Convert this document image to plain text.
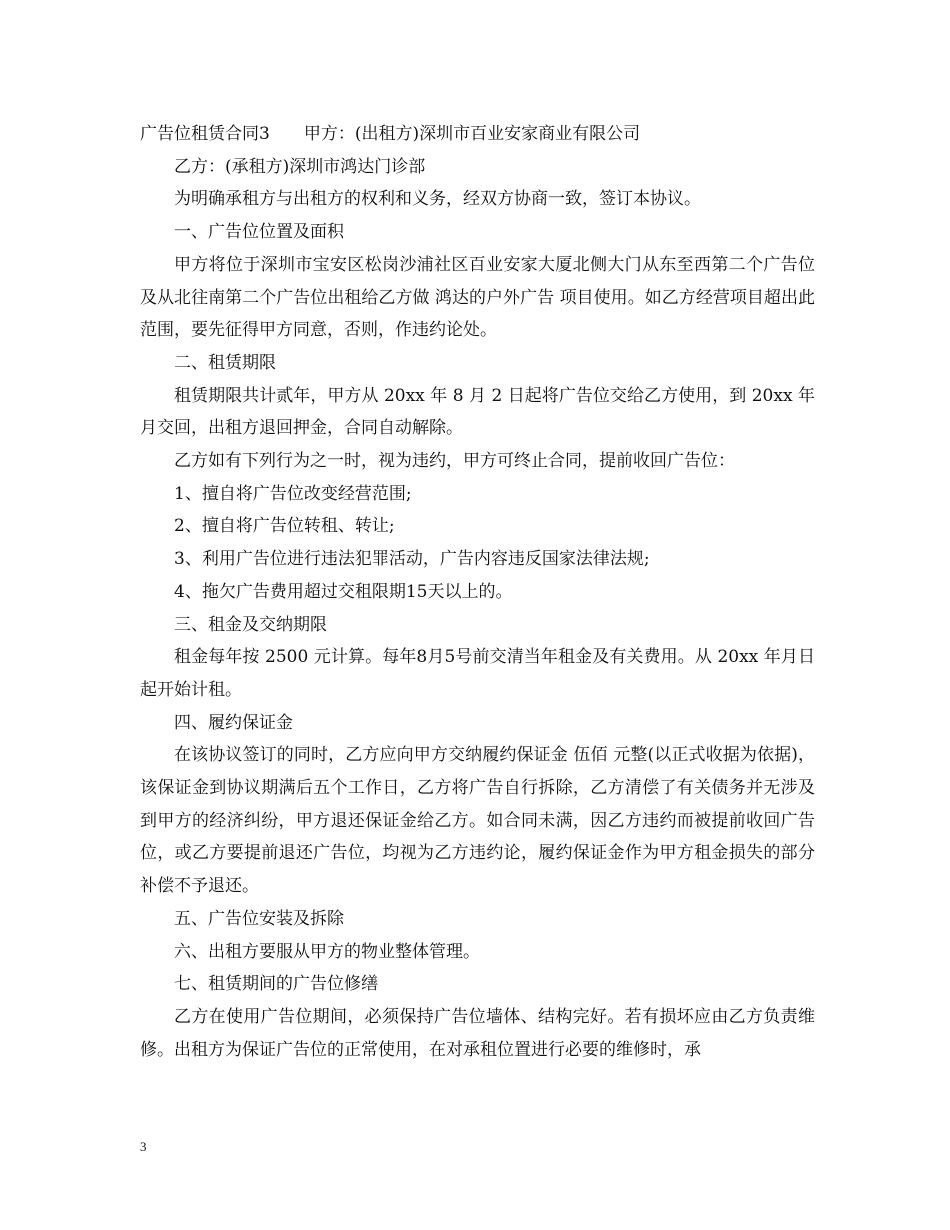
广告位租赁合同3 甲方：(出租方)深圳市百业安家商业有限公司

乙方：(承租方)深圳市鸿达门诊部

为明确承租方与出租方的权利和义务，经双方协商一致，签订本协议。

一、广告位位置及面积

甲方将位于深圳市宝安区松岗沙浦社区百业安家大厦北侧大门从东至西第二个广告位及从北往南第二个广告位出租给乙方做 鸿达的户外广告 项目使用。如乙方经营项目超出此范围，要先征得甲方同意，否则，作违约论处。

二、租赁期限

租赁期限共计贰年，甲方从 20xx 年 8 月 2 日起将广告位交给乙方使用，到 20xx 年月交回，出租方退回押金，合同自动解除。

乙方如有下列行为之一时，视为违约，甲方可终止合同，提前收回广告位：

1、擅自将广告位改变经营范围;

2、擅自将广告位转租、转让;

3、利用广告位进行违法犯罪活动，广告内容违反国家法律法规;

4、拖欠广告费用超过交租限期15天以上的。

三、租金及交纳期限

租金每年按 2500 元计算。每年8月5号前交清当年租金及有关费用。从 20xx 年月日起开始计租。

四、履约保证金

在该协议签订的同时，乙方应向甲方交纳履约保证金 伍佰 元整(以正式收据为依据)，该保证金到协议期满后五个工作日，乙方将广告自行拆除，乙方清偿了有关债务并无涉及到甲方的经济纠纷，甲方退还保证金给乙方。如合同未满，因乙方违约而被提前收回广告位，或乙方要提前退还广告位，均视为乙方违约论，履约保证金作为甲方租金损失的部分补偿不予退还。

五、广告位安装及拆除

六、出租方要服从甲方的物业整体管理。

七、租赁期间的广告位修缮

乙方在使用广告位期间，必须保持广告位墙体、结构完好。若有损坏应由乙方负责维修。出租方为保证广告位的正常使用，在对承租位置进行必要的维修时，承

3
